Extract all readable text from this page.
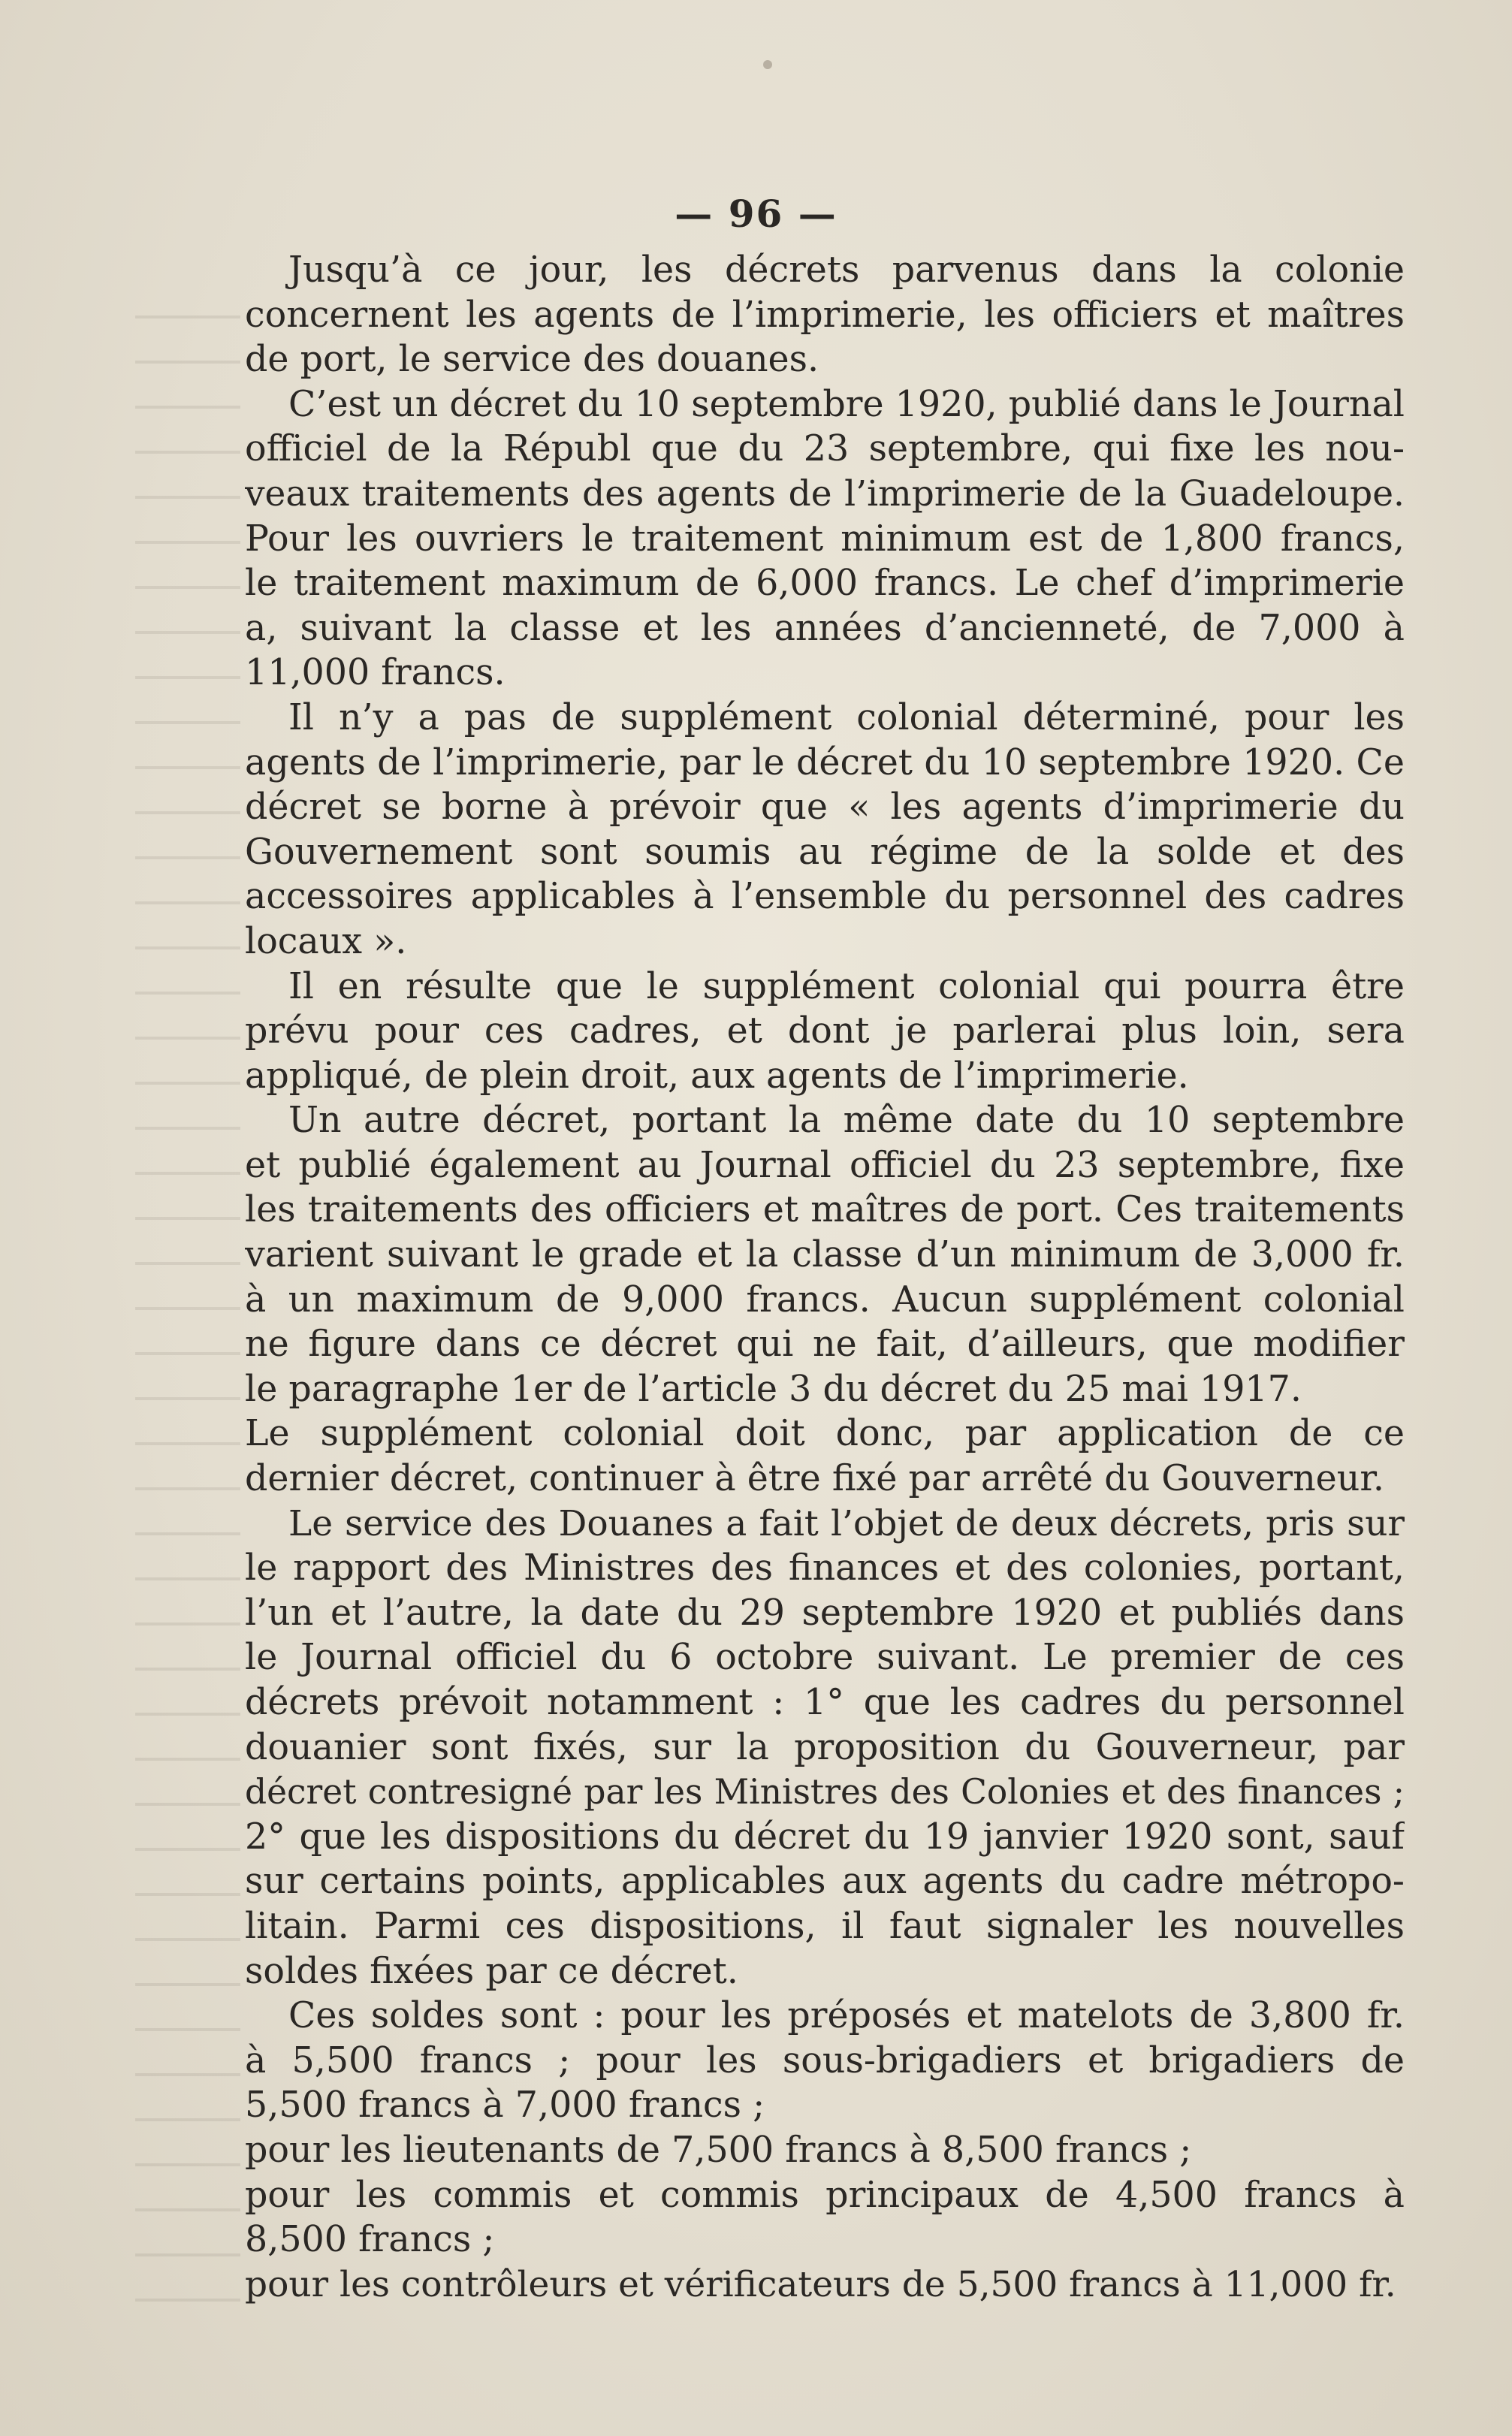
— 96 —
Jusqu’à ce jour, les décrets parvenus dans la colonie
concernent les agents de l’imprimerie, les officiers et maîtres
de port, le service des douanes.
C’est un décret du 10 septembre 1920, publié dans le Journal
officiel de la Républ que du 23 septembre, qui fixe les nou-
veaux traitements des agents de l’imprimerie de la Guadeloupe.
Pour les ouvriers le traitement minimum est de 1,800 francs,
le traitement maximum de 6,000 francs. Le chef d’imprimerie
a, suivant la classe et les années d’ancienneté, de 7,000 à
11,000 francs.
Il n’y a pas de supplément colonial déterminé, pour les
agents de l’imprimerie, par le décret du 10 septembre 1920. Ce
décret se borne à prévoir que « les agents d’imprimerie du
Gouvernement sont soumis au régime de la solde et des
accessoires applicables à l’ensemble du personnel des cadres
locaux ».
Il en résulte que le supplément colonial qui pourra être
prévu pour ces cadres, et dont je parlerai plus loin, sera
appliqué, de plein droit, aux agents de l’imprimerie.
Un autre décret, portant la même date du 10 septembre
et publié également au Journal officiel du 23 septembre, fixe
les traitements des officiers et maîtres de port. Ces traitements
varient suivant le grade et la classe d’un minimum de 3,000 fr.
à un maximum de 9,000 francs. Aucun supplément colonial
ne figure dans ce décret qui ne fait, d’ailleurs, que modifier
le paragraphe 1er de l’article 3 du décret du 25 mai 1917.
Le supplément colonial doit donc, par application de ce
dernier décret, continuer à être fixé par arrêté du Gouverneur.
Le service des Douanes a fait l’objet de deux décrets, pris sur
le rapport des Ministres des finances et des colonies, portant,
l’un et l’autre, la date du 29 septembre 1920 et publiés dans
le Journal officiel du 6 octobre suivant. Le premier de ces
décrets prévoit notamment : 1° que les cadres du personnel
douanier sont fixés, sur la proposition du Gouverneur, par
décret contresigné par les Ministres des Colonies et des finances ;
2° que les dispositions du décret du 19 janvier 1920 sont, sauf
sur certains points, applicables aux agents du cadre métropo-
litain. Parmi ces dispositions, il faut signaler les nouvelles
soldes fixées par ce décret.
Ces soldes sont : pour les préposés et matelots de 3,800 fr.
à 5,500 francs ; pour les sous-brigadiers et brigadiers de
5,500 francs à 7,000 francs ;
pour les lieutenants de 7,500 francs à 8,500 francs ;
pour les commis et commis principaux de 4,500 francs à
8,500 francs ;
pour les contrôleurs et vérificateurs de 5,500 francs à 11,000 fr.
